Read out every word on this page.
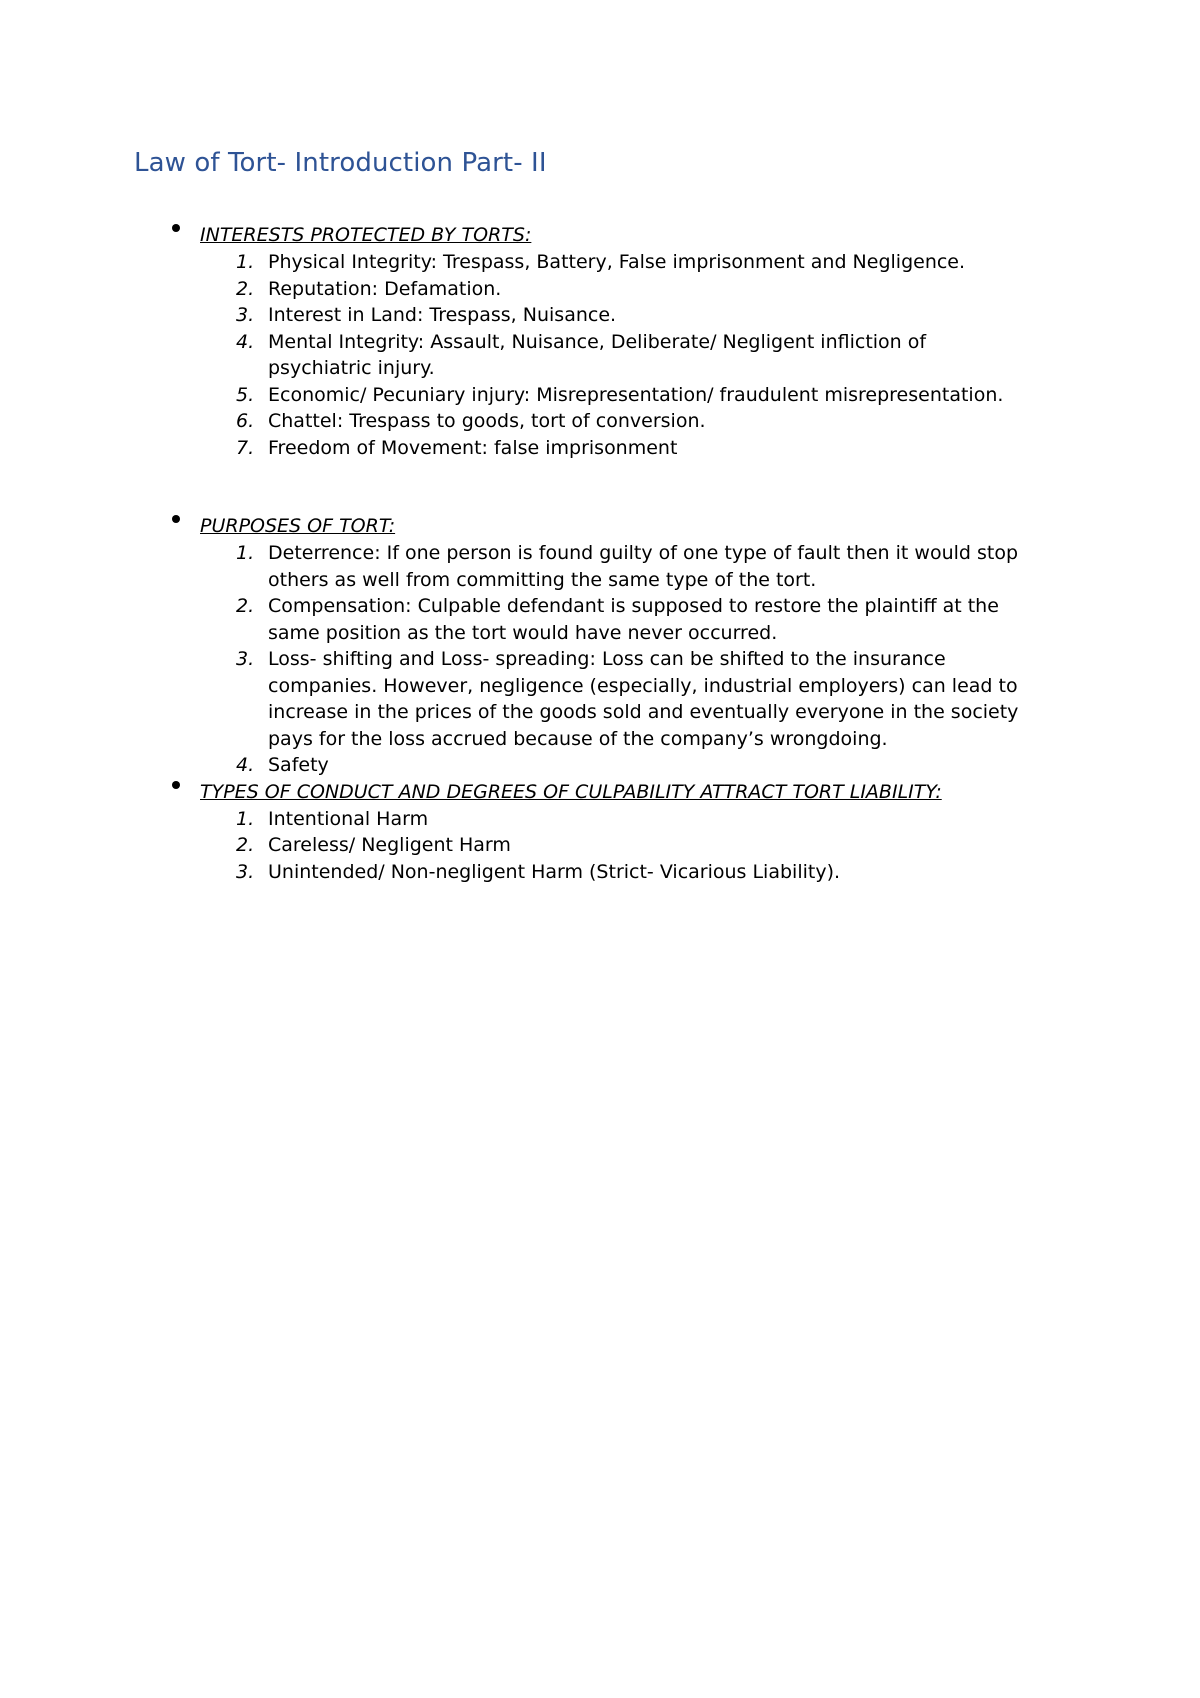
Law of Tort- Introduction Part- II
INTERESTS PROTECTED BY TORTS:
Physical Integrity: Trespass, Battery, False imprisonment and Negligence.
Reputation: Defamation.
Interest in Land: Trespass, Nuisance.
Mental Integrity: Assault, Nuisance, Deliberate/ Negligent infliction of psychiatric injury.
Economic/ Pecuniary injury: Misrepresentation/ fraudulent misrepresentation.
Chattel: Trespass to goods, tort of conversion.
Freedom of Movement: false imprisonment
PURPOSES OF TORT:
Deterrence: If one person is found guilty of one type of fault then it would stop others as well from committing the same type of the tort.
Compensation: Culpable defendant is supposed to restore the plaintiff at the same position as the tort would have never occurred.
Loss- shifting and Loss- spreading: Loss can be shifted to the insurance companies. However, negligence (especially, industrial employers) can lead to increase in the prices of the goods sold and eventually everyone in the society pays for the loss accrued because of the company’s wrongdoing.
Safety
TYPES OF CONDUCT AND DEGREES OF CULPABILITY ATTRACT TORT LIABILITY:
Intentional Harm
Careless/ Negligent Harm
Unintended/ Non-negligent Harm (Strict- Vicarious Liability).
